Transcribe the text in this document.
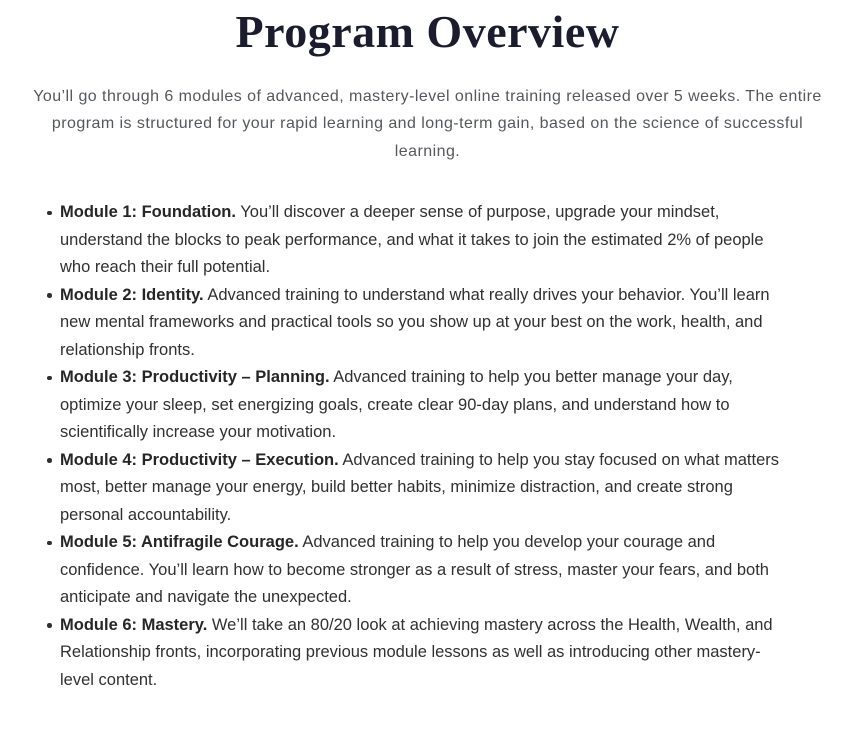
Program Overview

You’ll go through 6 modules of advanced, mastery-level online training released over 5 weeks. The entire program is structured for your rapid learning and long-term gain, based on the science of successful learning.

Module 1: Foundation. You’ll discover a deeper sense of purpose, upgrade your mindset, understand the blocks to peak performance, and what it takes to join the estimated 2% of people who reach their full potential.
Module 2: Identity. Advanced training to understand what really drives your behavior. You’ll learn new mental frameworks and practical tools so you show up at your best on the work, health, and relationship fronts.
Module 3: Productivity – Planning. Advanced training to help you better manage your day, optimize your sleep, set energizing goals, create clear 90-day plans, and understand how to scientifically increase your motivation.
Module 4: Productivity – Execution. Advanced training to help you stay focused on what matters most, better manage your energy, build better habits, minimize distraction, and create strong personal accountability.
Module 5: Antifragile Courage. Advanced training to help you develop your courage and confidence. You’ll learn how to become stronger as a result of stress, master your fears, and both anticipate and navigate the unexpected.
Module 6: Mastery. We’ll take an 80/20 look at achieving mastery across the Health, Wealth, and Relationship fronts, incorporating previous module lessons as well as introducing other mastery-level content.
